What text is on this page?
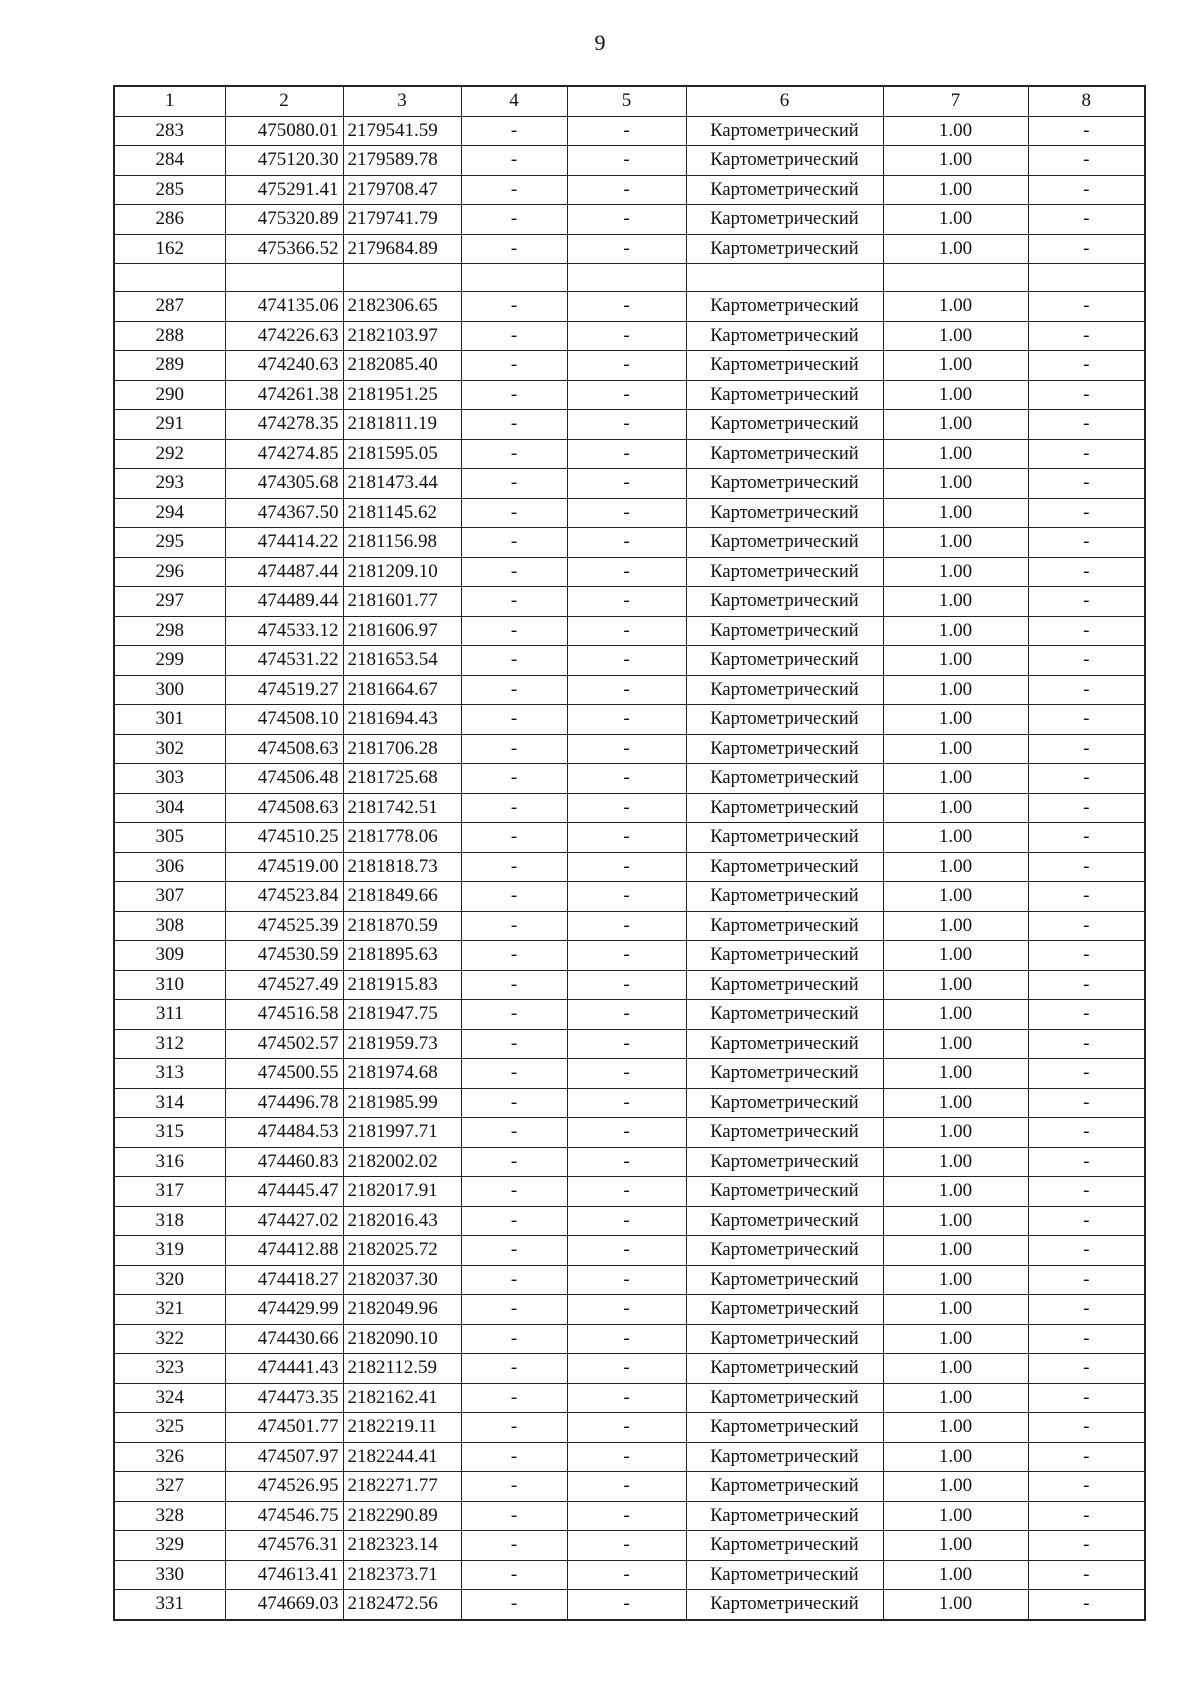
9
1	2	3	4	5	6	7	8
283	475080.01	2179541.59	-	-	Картометрический	1.00	-
284	475120.30	2179589.78	-	-	Картометрический	1.00	-
285	475291.41	2179708.47	-	-	Картометрический	1.00	-
286	475320.89	2179741.79	-	-	Картометрический	1.00	-
162	475366.52	2179684.89	-	-	Картометрический	1.00	-

287	474135.06	2182306.65	-	-	Картометрический	1.00	-
288	474226.63	2182103.97	-	-	Картометрический	1.00	-
289	474240.63	2182085.40	-	-	Картометрический	1.00	-
290	474261.38	2181951.25	-	-	Картометрический	1.00	-
291	474278.35	2181811.19	-	-	Картометрический	1.00	-
292	474274.85	2181595.05	-	-	Картометрический	1.00	-
293	474305.68	2181473.44	-	-	Картометрический	1.00	-
294	474367.50	2181145.62	-	-	Картометрический	1.00	-
295	474414.22	2181156.98	-	-	Картометрический	1.00	-
296	474487.44	2181209.10	-	-	Картометрический	1.00	-
297	474489.44	2181601.77	-	-	Картометрический	1.00	-
298	474533.12	2181606.97	-	-	Картометрический	1.00	-
299	474531.22	2181653.54	-	-	Картометрический	1.00	-
300	474519.27	2181664.67	-	-	Картометрический	1.00	-
301	474508.10	2181694.43	-	-	Картометрический	1.00	-
302	474508.63	2181706.28	-	-	Картометрический	1.00	-
303	474506.48	2181725.68	-	-	Картометрический	1.00	-
304	474508.63	2181742.51	-	-	Картометрический	1.00	-
305	474510.25	2181778.06	-	-	Картометрический	1.00	-
306	474519.00	2181818.73	-	-	Картометрический	1.00	-
307	474523.84	2181849.66	-	-	Картометрический	1.00	-
308	474525.39	2181870.59	-	-	Картометрический	1.00	-
309	474530.59	2181895.63	-	-	Картометрический	1.00	-
310	474527.49	2181915.83	-	-	Картометрический	1.00	-
311	474516.58	2181947.75	-	-	Картометрический	1.00	-
312	474502.57	2181959.73	-	-	Картометрический	1.00	-
313	474500.55	2181974.68	-	-	Картометрический	1.00	-
314	474496.78	2181985.99	-	-	Картометрический	1.00	-
315	474484.53	2181997.71	-	-	Картометрический	1.00	-
316	474460.83	2182002.02	-	-	Картометрический	1.00	-
317	474445.47	2182017.91	-	-	Картометрический	1.00	-
318	474427.02	2182016.43	-	-	Картометрический	1.00	-
319	474412.88	2182025.72	-	-	Картометрический	1.00	-
320	474418.27	2182037.30	-	-	Картометрический	1.00	-
321	474429.99	2182049.96	-	-	Картометрический	1.00	-
322	474430.66	2182090.10	-	-	Картометрический	1.00	-
323	474441.43	2182112.59	-	-	Картометрический	1.00	-
324	474473.35	2182162.41	-	-	Картометрический	1.00	-
325	474501.77	2182219.11	-	-	Картометрический	1.00	-
326	474507.97	2182244.41	-	-	Картометрический	1.00	-
327	474526.95	2182271.77	-	-	Картометрический	1.00	-
328	474546.75	2182290.89	-	-	Картометрический	1.00	-
329	474576.31	2182323.14	-	-	Картометрический	1.00	-
330	474613.41	2182373.71	-	-	Картометрический	1.00	-
331	474669.03	2182472.56	-	-	Картометрический	1.00	-
